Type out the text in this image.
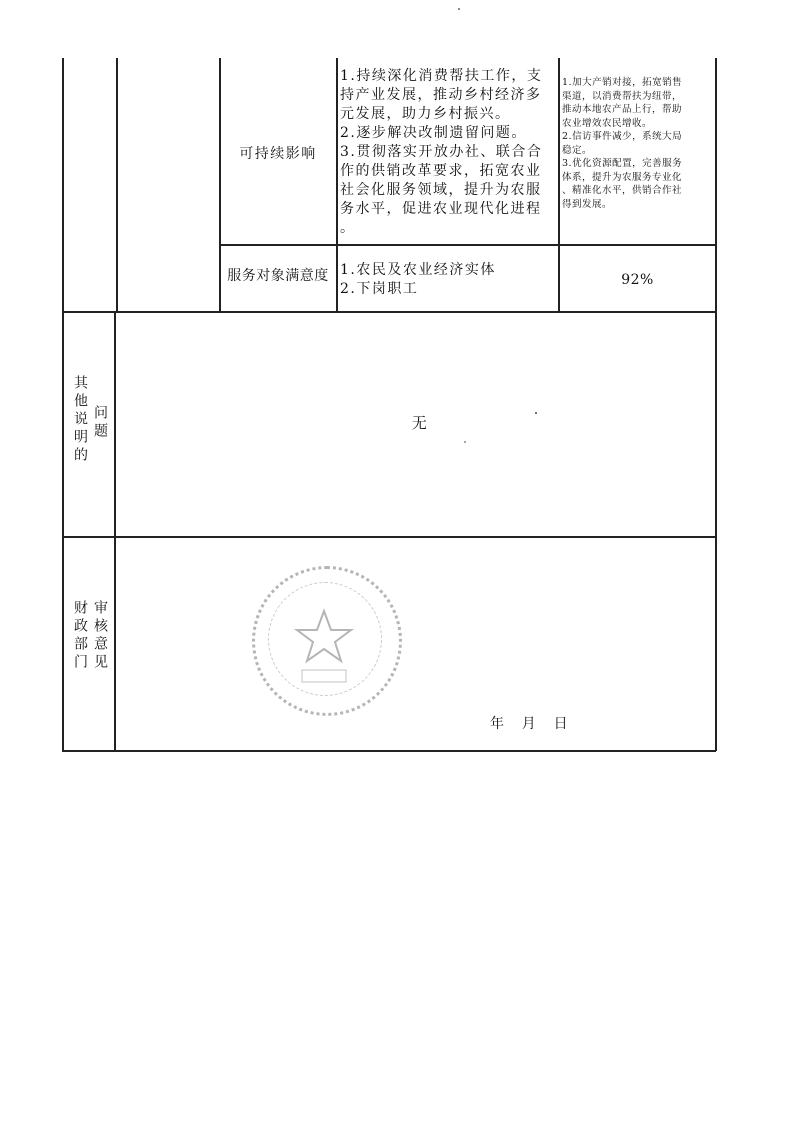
可持续影响
1.持续深化消费帮扶工作，支
持产业发展，推动乡村经济多
元发展，助力乡村振兴。
2.逐步解决改制遗留问题。
3.贯彻落实开放办社、联合合
作的供销改革要求，拓宽农业
社会化服务领域，提升为农服
务水平，促进农业现代化进程
。
1.加大产销对接，拓宽销售
渠道，以消费帮扶为纽带，
推动本地农产品上行，帮助
农业增效农民增收。
2.信访事件减少，系统大局
稳定。
3.优化资源配置，完善服务
体系，提升为农服务专业化
、精准化水平，供销合作社
得到发展。
服务对象满意度 1.农民及农业经济实体
2.下岗职工
92%
其他说明的 问题	无
财政部门 审核意见
年    月    日
